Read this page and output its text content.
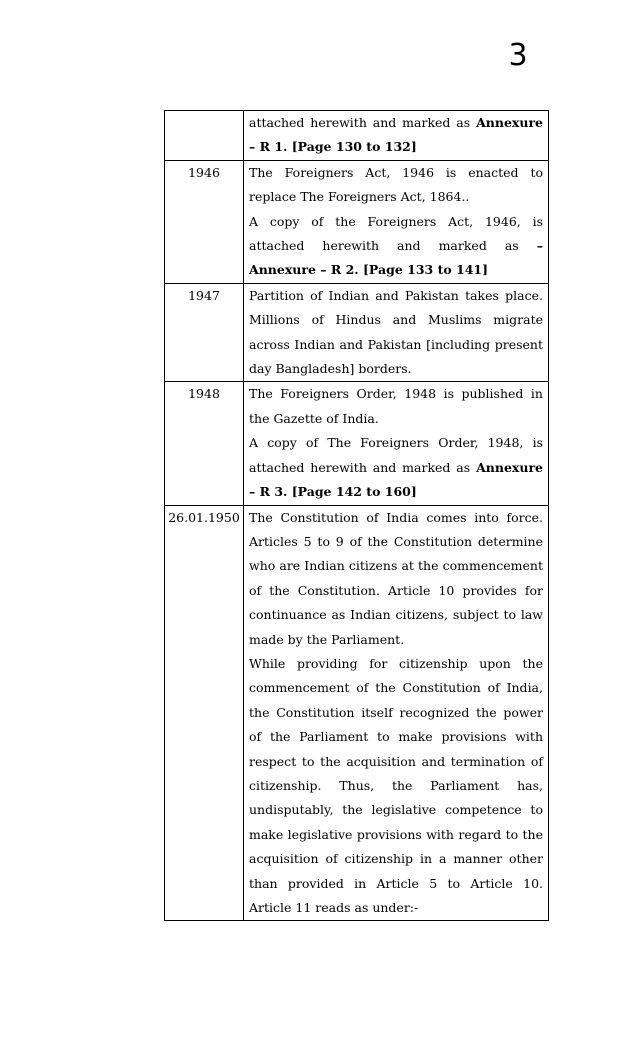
3

	attached herewith and marked as Annexure – R 1. [Page 130 to 132]

1946	The Foreigners Act, 1946 is enacted to replace The Foreigners Act, 1864..

A copy of the Foreigners Act, 1946, is attached herewith and marked as – Annexure – R 2. [Page 133 to 141]

1947	Partition of Indian and Pakistan takes place. Millions of Hindus and Muslims migrate across Indian and Pakistan [including present day Bangladesh] borders.

1948	The Foreigners Order, 1948 is published in the Gazette of India.

A copy of The Foreigners Order, 1948, is attached herewith and marked as Annexure – R 3. [Page 142 to 160]

26.01.1950	The Constitution of India comes into force. Articles 5 to 9 of the Constitution determine who are Indian citizens at the commencement of the Constitution. Article 10 provides for continuance as Indian citizens, subject to law made by the Parliament.

While providing for citizenship upon the commencement of the Constitution of India, the Constitution itself recognized the power of the Parliament to make provisions with respect to the acquisition and termination of citizenship. Thus, the Parliament has, undisputably, the legislative competence to make legislative provisions with regard to the acquisition of citizenship in a manner other than provided in Article 5 to Article 10. Article 11 reads as under:-
